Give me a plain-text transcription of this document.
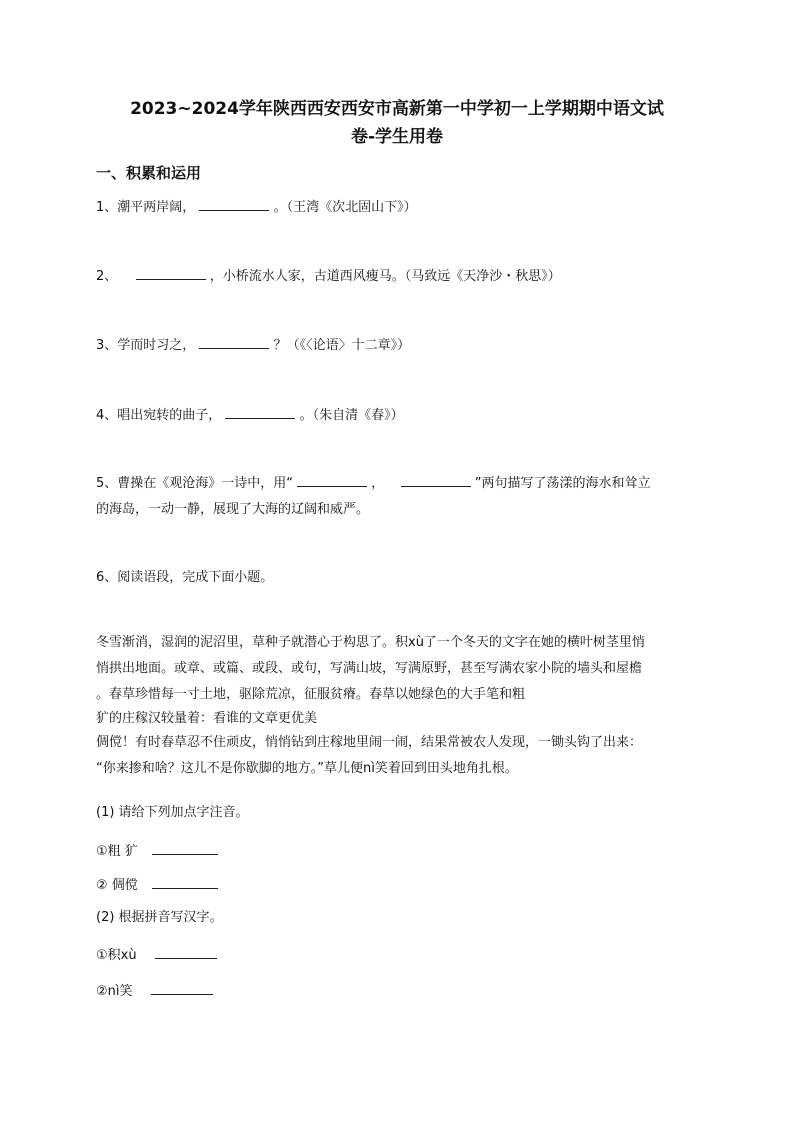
2023~2024学年陕西西安西安市高新第一中学初一上学期期中语文试
卷-学生用卷
一、积累和运用
1、潮平两岸阔，	。（王湾《次北固山下》）
2、	，小桥流水人家，古道西风瘦马。（马致远《天净沙・秋思》）
3、学而时习之，	？（《〈论语〉十二章》）
4、唱出宛转的曲子，	。（朱自清《春》）
5、曹操在《观沧海》一诗中，用“	，	”两句描写了荡漾的海水和耸立
的海岛，一动一静，展现了大海的辽阔和威严。
6、阅读语段，完成下面小题。
冬雪渐消，湿润的泥沼里，草种子就潜心于构思了。积xù了一个冬天的文字在她的横叶树茎里悄
悄拱出地面。或章、或篇、或段、或句，写满山坡，写满原野，甚至写满农家小院的墙头和屋檐
。春草珍惜每一寸土地，驱除荒凉，征服贫瘠。春草以她绿色的大手笔和粗
犷的庄稼汉较量着：看谁的文章更优美
倜傥！有时春草忍不住顽皮，悄悄钻到庄稼地里闹一闹，结果常被农人发现，一锄头钩了出来：
“你来掺和啥？这儿不是你歇脚的地方。”草儿便nì笑着回到田头地角扎根。
(1) 请给下列加点字注音。
①粗 犷
② 倜傥
(2) 根据拼音写汉字。
①积xù
②nì笑
